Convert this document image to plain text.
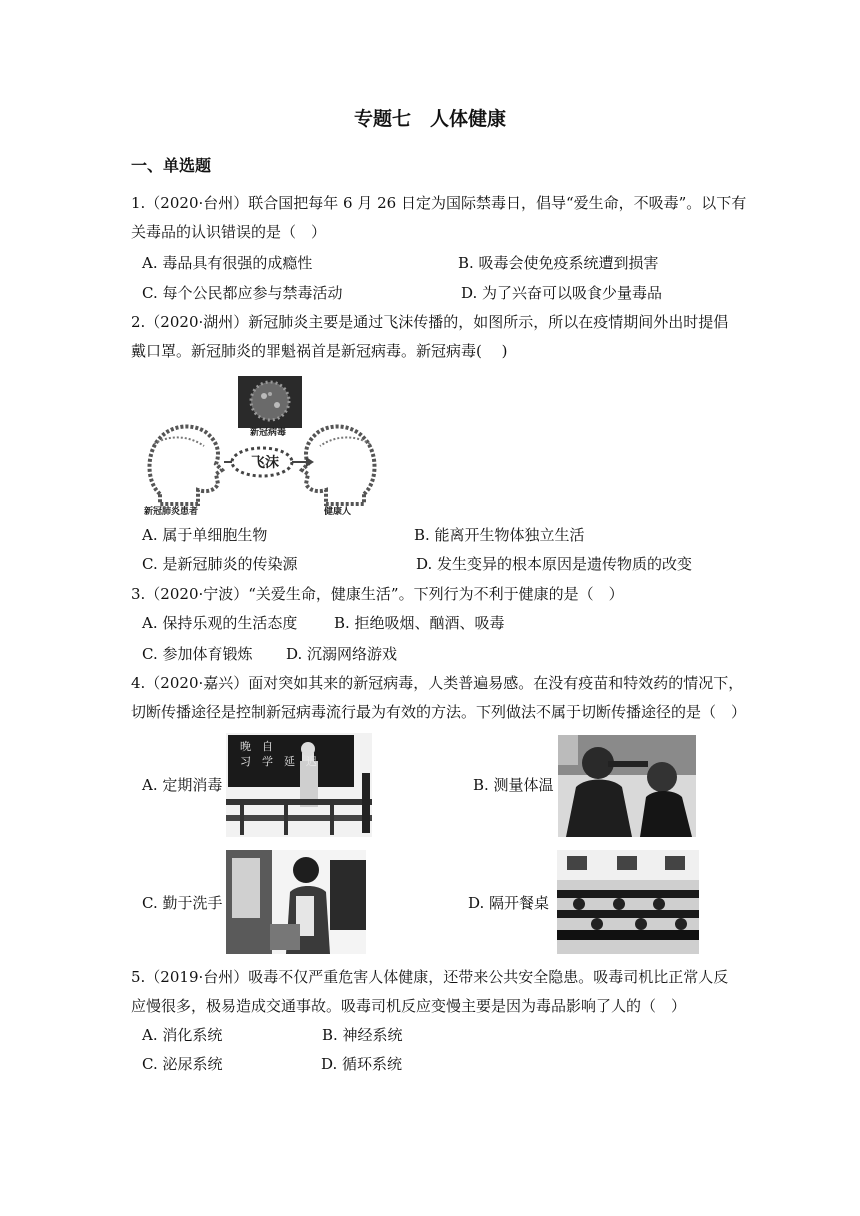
专题七　人体健康
一、单选题
1.（2020·台州）联合国把每年 6 月 26 日定为国际禁毒日，倡导“爱生命，不吸毒”。以下有
关毒品的认识错误的是（　）
A. 毒品具有很强的成瘾性	B. 吸毒会使免疫系统遭到损害
C. 每个公民都应参与禁毒活动	D. 为了兴奋可以吸食少量毒品
2.（2020·湖州）新冠肺炎主要是通过飞沫传播的，如图所示，所以在疫情期间外出时提倡
戴口罩。新冠肺炎的罪魁祸首是新冠病毒。新冠病毒(　 )
新冠病毒
飞沫
新冠肺炎患者	健康人
A. 属于单细胞生物	B. 能离开生物体独立生活
C. 是新冠肺炎的传染源	D. 发生变异的根本原因是遗传物质的改变
3.（2020·宁波）“关爱生命，健康生活”。下列行为不利于健康的是（　）
A. 保持乐观的生活态度 B. 拒绝吸烟、酗酒、吸毒
C. 参加体育锻炼 D. 沉溺网络游戏
4.（2020·嘉兴）面对突如其来的新冠病毒，人类普遍易感。在没有疫苗和特效药的情况下，
切断传播途径是控制新冠病毒流行最为有效的方法。下列做法不属于切断传播途径的是（　）
A. 定期消毒
晚　自
习　学　延　迟
B. 测量体温
C. 勤于洗手	D. 隔开餐桌
5.（2019·台州）吸毒不仅严重危害人体健康，还带来公共安全隐患。吸毒司机比正常人反
应慢很多，极易造成交通事故。吸毒司机反应变慢主要是因为毒品影响了人的（　）
A. 消化系统	B. 神经系统
C. 泌尿系统	D. 循环系统
